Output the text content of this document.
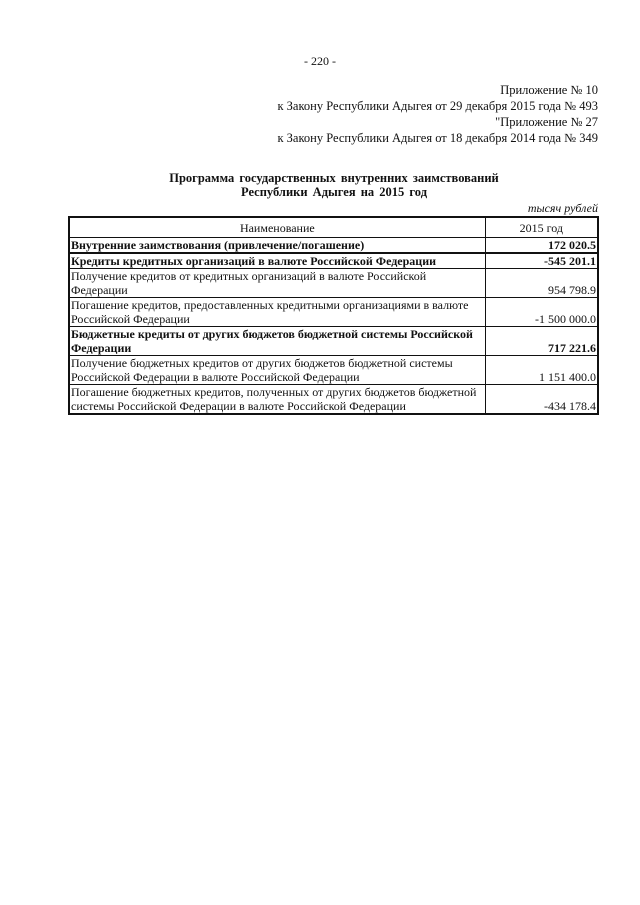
- 220 -
Приложение № 10
к Закону Республики Адыгея от 29 декабря 2015 года № 493
"Приложение № 27
к Закону Республики Адыгея от 18 декабря 2014 года № 349
Программа государственных внутренних заимствований
Республики Адыгея на 2015 год
тысяч рублей
Наименование	2015 год
Внутренние заимствования (привлечение/погашение)	172 020.5
Кредиты кредитных организаций в валюте Российской Федерации	-545 201.1
Получение кредитов от кредитных организаций в валюте Российской Федерации	954 798.9
Погашение кредитов, предоставленных кредитными организациями в валюте Российской Федерации	-1 500 000.0
Бюджетные кредиты от других бюджетов бюджетной системы Российской Федерации	717 221.6
Получение бюджетных кредитов от других бюджетов бюджетной системы Российской Федерации в валюте Российской Федерации	1 151 400.0
Погашение бюджетных кредитов, полученных от других бюджетов бюджетной системы Российской Федерации в валюте Российской Федерации	-434 178.4
